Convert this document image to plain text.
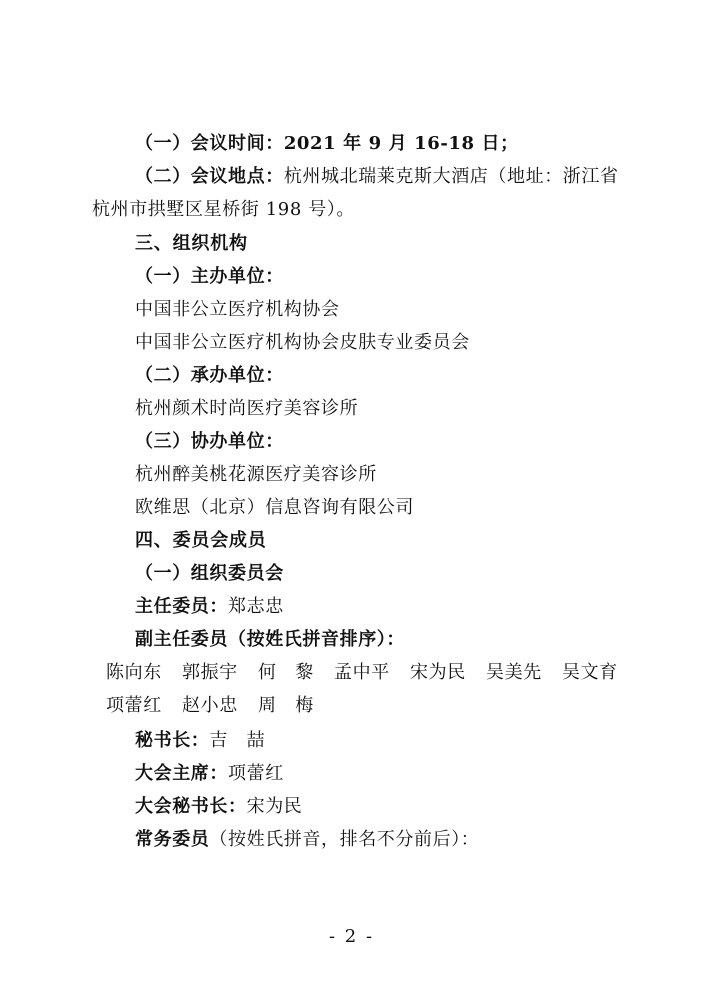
（一）会议时间：2021 年 9 月 16-18 日；
（二）会议地点：杭州城北瑞莱克斯大酒店（地址：浙江省
杭州市拱墅区星桥街 198 号）。
三、组织机构
（一）主办单位：
中国非公立医疗机构协会
中国非公立医疗机构协会皮肤专业委员会
（二）承办单位：
杭州颜术时尚医疗美容诊所
（三）协办单位：
杭州醉美桃花源医疗美容诊所
欧维思（北京）信息咨询有限公司
四、委员会成员
（一）组织委员会
主任委员：郑志忠
副主任委员（按姓氏拼音排序）：
陈向东 郭振宇 何　黎 孟中平 宋为民 吴美先 吴文育
项蕾红 赵小忠 周　梅
秘书长：吉　喆
大会主席：项蕾红
大会秘书长：宋为民
常务委员（按姓氏拼音，排名不分前后）：
- 2 -
